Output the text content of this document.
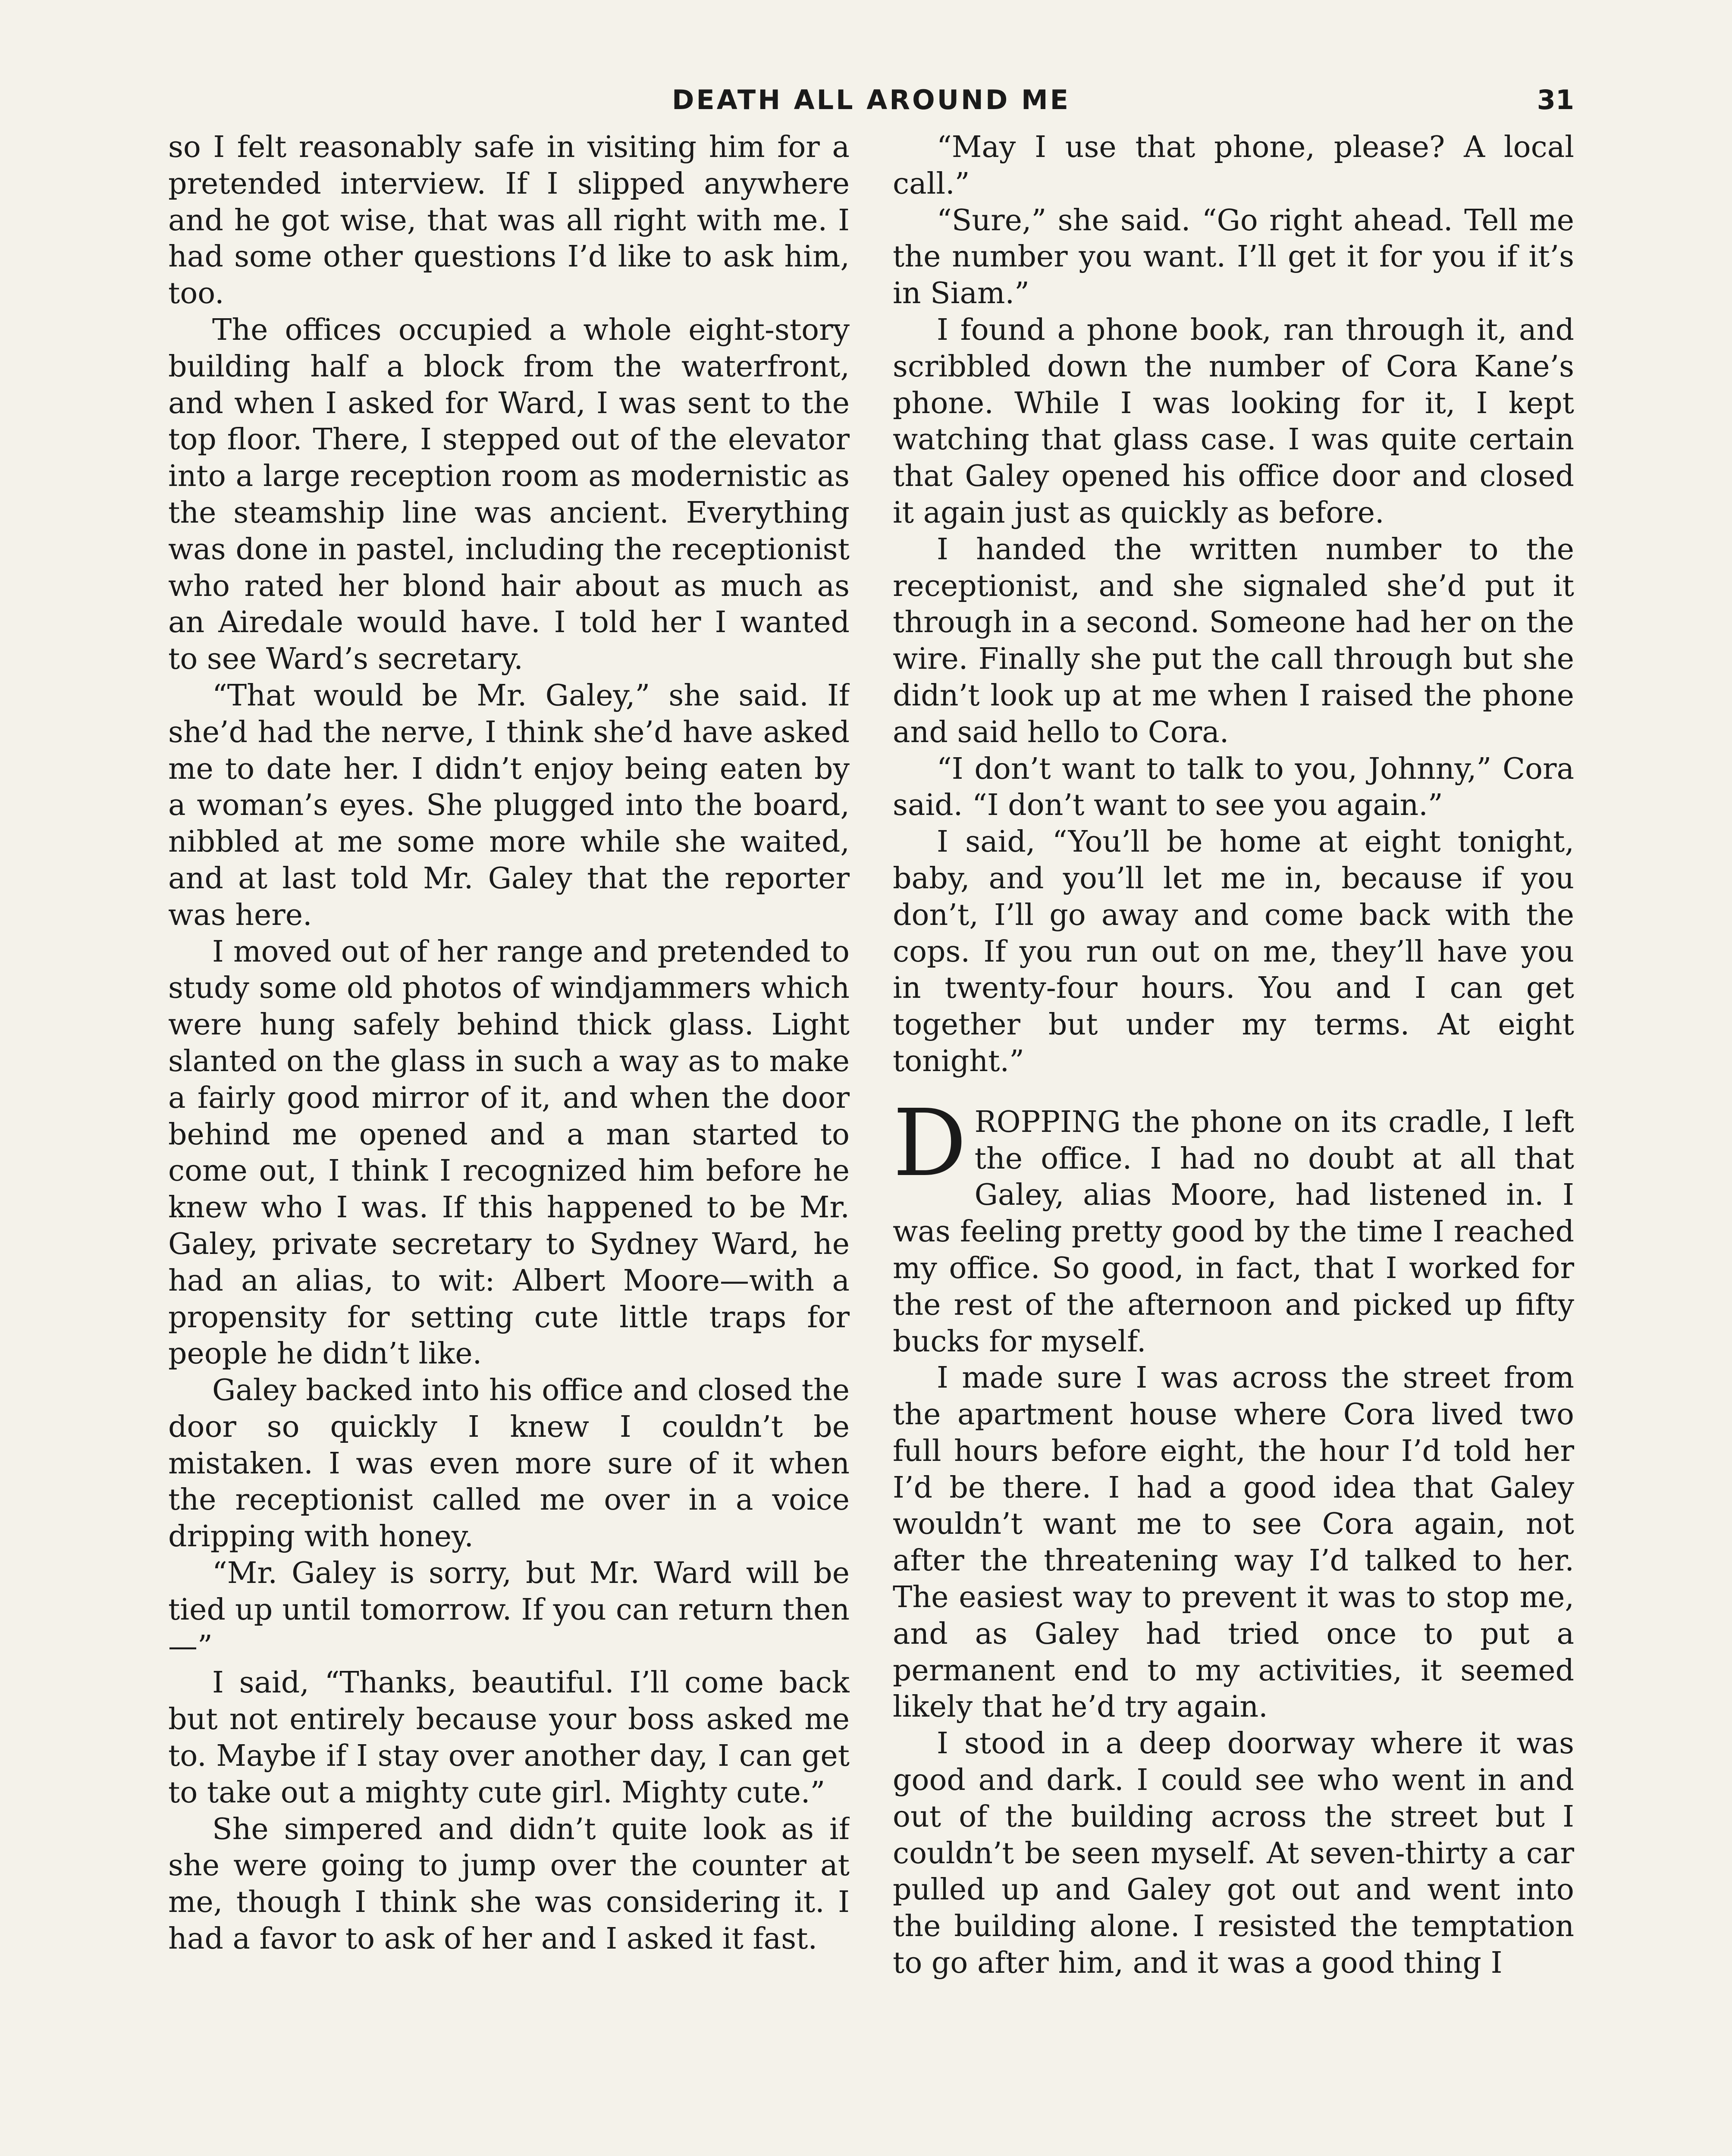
DEATH ALL AROUND ME	31

so I felt reasonably safe in visiting him for a pretended interview. If I slipped anywhere and he got wise, that was all right with me. I had some other questions I’d like to ask him, too.

The offices occupied a whole eight-story building half a block from the waterfront, and when I asked for Ward, I was sent to the top floor. There, I stepped out of the elevator into a large reception room as modernistic as the steamship line was ancient. Everything was done in pastel, including the receptionist who rated her blond hair about as much as an Airedale would have. I told her I wanted to see Ward’s secretary.

“That would be Mr. Galey,” she said. If she’d had the nerve, I think she’d have asked me to date her. I didn’t enjoy being eaten by a woman’s eyes. She plugged into the board, nibbled at me some more while she waited, and at last told Mr. Galey that the reporter was here.

I moved out of her range and pretended to study some old photos of windjammers which were hung safely behind thick glass. Light slanted on the glass in such a way as to make a fairly good mirror of it, and when the door behind me opened and a man started to come out, I think I recognized him before he knew who I was. If this happened to be Mr. Galey, private secretary to Sydney Ward, he had an alias, to wit: Albert Moore—with a propensity for setting cute little traps for people he didn’t like.

Galey backed into his office and closed the door so quickly I knew I couldn’t be mistaken. I was even more sure of it when the receptionist called me over in a voice dripping with honey.

“Mr. Galey is sorry, but Mr. Ward will be tied up until tomorrow. If you can return then—”

I said, “Thanks, beautiful. I’ll come back but not entirely because your boss asked me to. Maybe if I stay over another day, I can get to take out a mighty cute girl. Mighty cute.”

She simpered and didn’t quite look as if she were going to jump over the counter at me, though I think she was considering it. I had a favor to ask of her and I asked it fast.

“May I use that phone, please? A local call.”

“Sure,” she said. “Go right ahead. Tell me the number you want. I’ll get it for you if it’s in Siam.”

I found a phone book, ran through it, and scribbled down the number of Cora Kane’s phone. While I was looking for it, I kept watching that glass case. I was quite certain that Galey opened his office door and closed it again just as quickly as before.

I handed the written number to the receptionist, and she signaled she’d put it through in a second. Someone had her on the wire. Finally she put the call through but she didn’t look up at me when I raised the phone and said hello to Cora.

“I don’t want to talk to you, Johnny,” Cora said. “I don’t want to see you again.”

I said, “You’ll be home at eight tonight, baby, and you’ll let me in, because if you don’t, I’ll go away and come back with the cops. If you run out on me, they’ll have you in twenty-four hours. You and I can get together but under my terms. At eight tonight.”

DROPPING the phone on its cradle, I left the office. I had no doubt at all that Galey, alias Moore, had listened in. I was feeling pretty good by the time I reached my office. So good, in fact, that I worked for the rest of the afternoon and picked up fifty bucks for myself.

I made sure I was across the street from the apartment house where Cora lived two full hours before eight, the hour I’d told her I’d be there. I had a good idea that Galey wouldn’t want me to see Cora again, not after the threatening way I’d talked to her. The easiest way to prevent it was to stop me, and as Galey had tried once to put a permanent end to my activities, it seemed likely that he’d try again.

I stood in a deep doorway where it was good and dark. I could see who went in and out of the building across the street but I couldn’t be seen myself. At seven-thirty a car pulled up and Galey got out and went into the building alone. I resisted the temptation to go after him, and it was a good thing I
